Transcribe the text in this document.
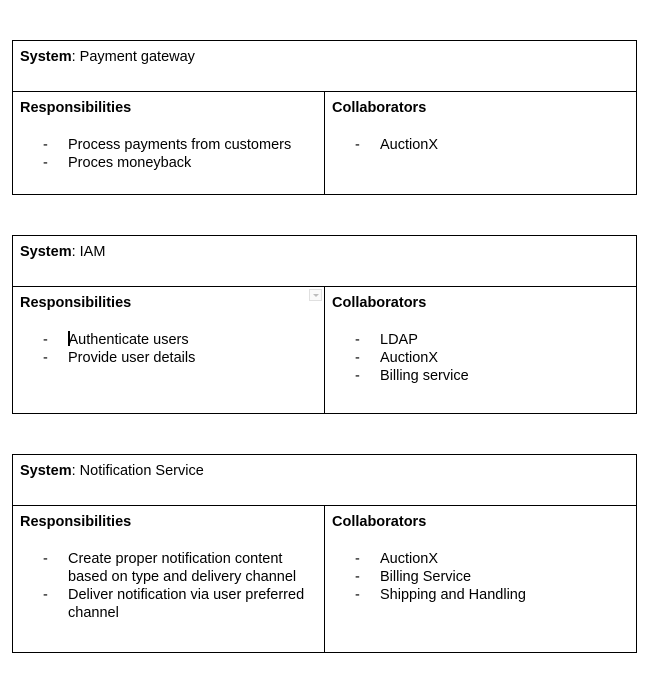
System: Payment gateway
Responsibilities
- Process payments from customers
- Proces moneyback
Collaborators
- AuctionX
System: IAM
Responsibilities
- Authenticate users
- Provide user details
Collaborators
- LDAP
- AuctionX
- Billing service
System: Notification Service
Responsibilities
- Create proper notification content based on type and delivery channel
- Deliver notification via user preferred channel
Collaborators
- AuctionX
- Billing Service
- Shipping and Handling
